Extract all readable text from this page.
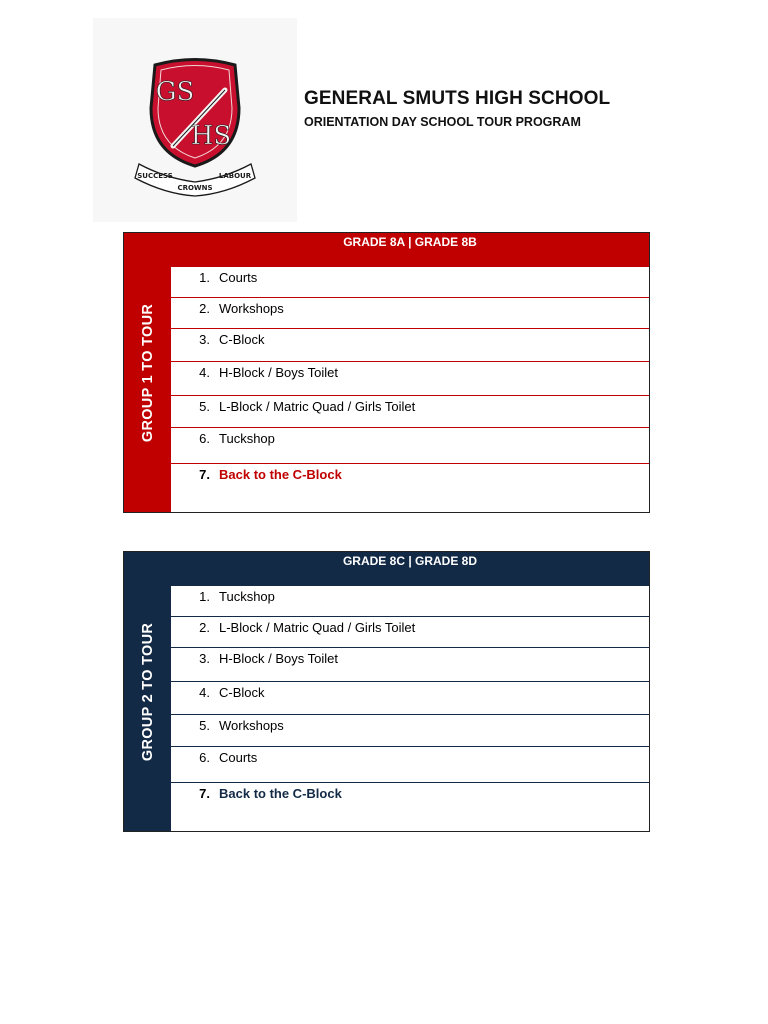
GS
HS
SUCCESS
CROWNS
LABOUR
GENERAL SMUTS HIGH SCHOOL
ORIENTATION DAY SCHOOL TOUR PROGRAM
GROUP 1 TO TOUR
GRADE 8A | GRADE 8B
1. Courts
2. Workshops
3. C-Block
4. H-Block / Boys Toilet
5. L-Block / Matric Quad / Girls Toilet
6. Tuckshop
7. Back to the C-Block
GROUP 2 TO TOUR
GRADE 8C | GRADE 8D
1. Tuckshop
2. L-Block / Matric Quad / Girls Toilet
3. H-Block / Boys Toilet
4. C-Block
5. Workshops
6. Courts
7. Back to the C-Block
